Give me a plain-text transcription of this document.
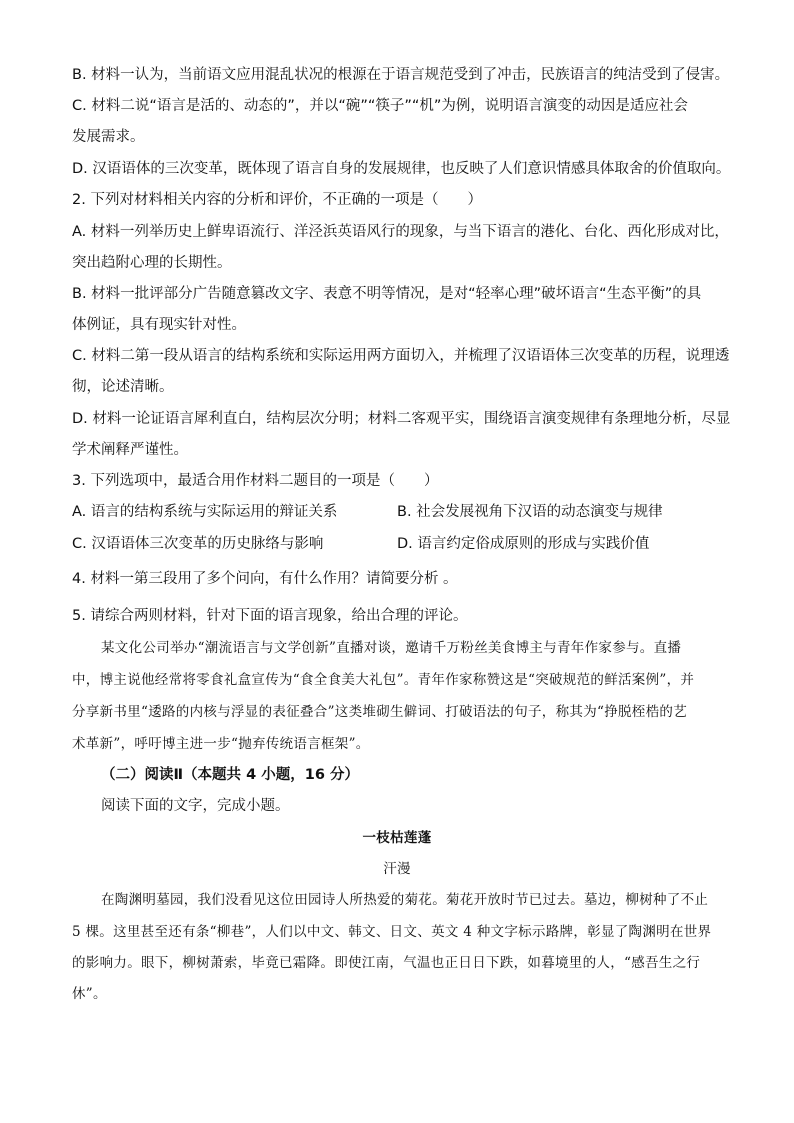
B. 材料一认为，当前语文应用混乱状况的根源在于语言规范受到了冲击，民族语言的纯洁受到了侵害。
C. 材料二说“语言是活的、动态的”，并以“碗”“筷子”“机”为例，说明语言演变的动因是适应社会
发展需求。
D. 汉语语体的三次变革，既体现了语言自身的发展规律，也反映了人们意识情感具体取舍的价值取向。
2. 下列对材料相关内容的分析和评价，不正确的一项是（　　）
A. 材料一列举历史上鲜卑语流行、洋泾浜英语风行的现象，与当下语言的港化、台化、西化形成对比，
突出趋附心理的长期性。
B. 材料一批评部分广告随意篡改文字、表意不明等情况，是对“轻率心理”破坏语言“生态平衡”的具
体例证，具有现实针对性。
C. 材料二第一段从语言的结构系统和实际运用两方面切入，并梳理了汉语语体三次变革的历程，说理透
彻，论述清晰。
D. 材料一论证语言犀利直白，结构层次分明；材料二客观平实，围绕语言演变规律有条理地分析，尽显
学术阐释严谨性。
3. 下列选项中，最适合用作材料二题目的一项是（　　）
A. 语言的结构系统与实际运用的辩证关系	B. 社会发展视角下汉语的动态演变与规律
C. 汉语语体三次变革的历史脉络与影响	D. 语言约定俗成原则的形成与实践价值
4. 材料一第三段用了多个问向，有什么作用？请简要分析 。
5. 请综合两则材料，针对下面的语言现象，给出合理的评论。
某文化公司举办“潮流语言与文学创新”直播对谈，邀请千万粉丝美食博主与青年作家参与。直播
中，博主说他经常将零食礼盒宣传为“食全食美大礼包”。青年作家称赞这是“突破规范的鲜活案例”，并
分享新书里“逶路的内核与浮显的表征叠合”这类堆砌生僻词、打破语法的句子，称其为“挣脱桎梏的艺
术革新”，呼吁博主进一步“抛弃传统语言框架”。
（二）阅读Ⅱ（本题共 4 小题，16 分）
阅读下面的文字，完成小题。
一枝枯莲蓬
汗漫
在陶渊明墓园，我们没看见这位田园诗人所热爱的菊花。菊花开放时节已过去。墓边，柳树种了不止
5 棵。这里甚至还有条“柳巷”，人们以中文、韩文、日文、英文 4 种文字标示路牌，彰显了陶渊明在世界
的影响力。眼下，柳树萧索，毕竟已霜降。即使江南，气温也正日日下跌，如暮境里的人，“感吾生之行
休”。
